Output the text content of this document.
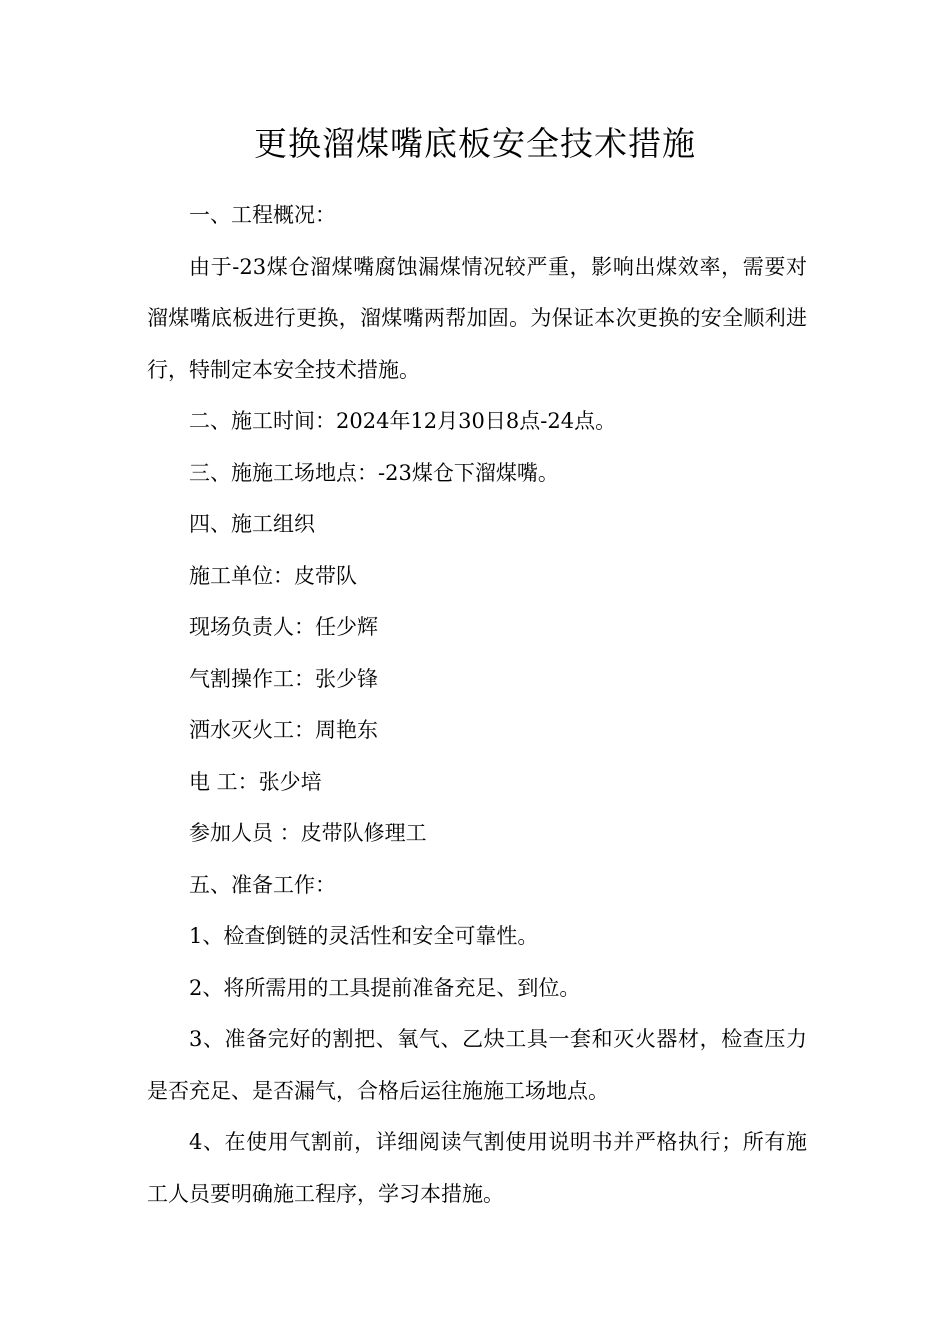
更换溜煤嘴底板安全技术措施

一、工程概况：

由于-23煤仓溜煤嘴腐蚀漏煤情况较严重，影响出煤效率，需要对溜煤嘴底板进行更换，溜煤嘴两帮加固。为保证本次更换的安全顺利进行，特制定本安全技术措施。

二、施工时间：2024年12月30日8点-24点。

三、施施工场地点：-23煤仓下溜煤嘴。

四、施工组织

施工单位：皮带队

现场负责人：任少辉

气割操作工：张少锋

洒水灭火工：周艳东

电 工：张少培

参加人员 ：皮带队修理工

五、准备工作：

1、检查倒链的灵活性和安全可靠性。

2、将所需用的工具提前准备充足、到位。

3、准备完好的割把、氧气、乙炔工具一套和灭火器材，检查压力是否充足、是否漏气，合格后运往施施工场地点。

4、在使用气割前，详细阅读气割使用说明书并严格执行；所有施工人员要明确施工程序，学习本措施。
